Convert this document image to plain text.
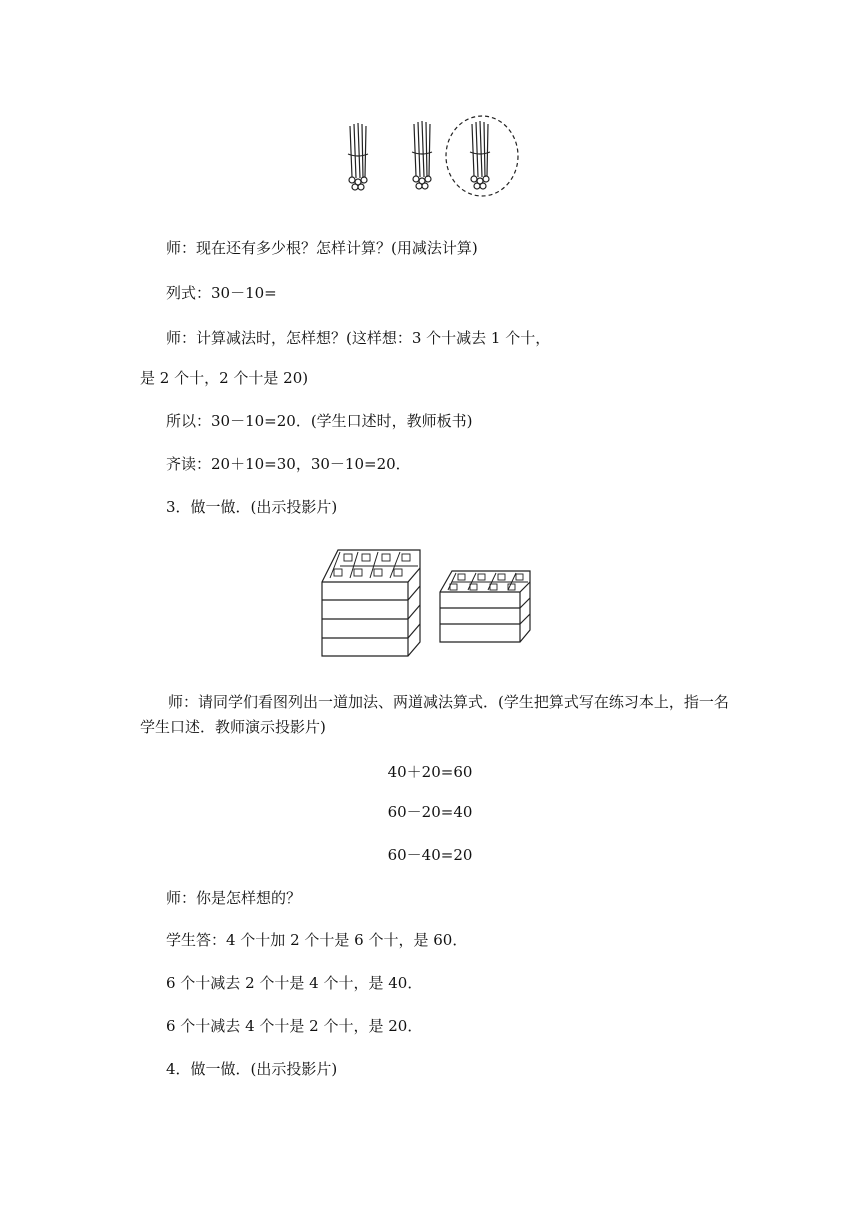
师：现在还有多少根？怎样计算？(用减法计算)
列式：30－10=
师：计算减法时，怎样想？(这样想：3 个十减去 1 个十，
是 2 个十，2 个十是 20)
所以：30－10=20．(学生口述时，教师板书)
齐读：20＋10=30，30－10=20．
3．做一做．(出示投影片)
师：请同学们看图列出一道加法、两道减法算式．(学生把算式写在练习本上，指一名学生口述．教师演示投影片)
40＋20=60
60－20=40
60－40=20
师：你是怎样想的？
学生答：4 个十加 2 个十是 6 个十，是 60．
6 个十减去 2 个十是 4 个十，是 40．
6 个十减去 4 个十是 2 个十，是 20．
4．做一做．(出示投影片)
